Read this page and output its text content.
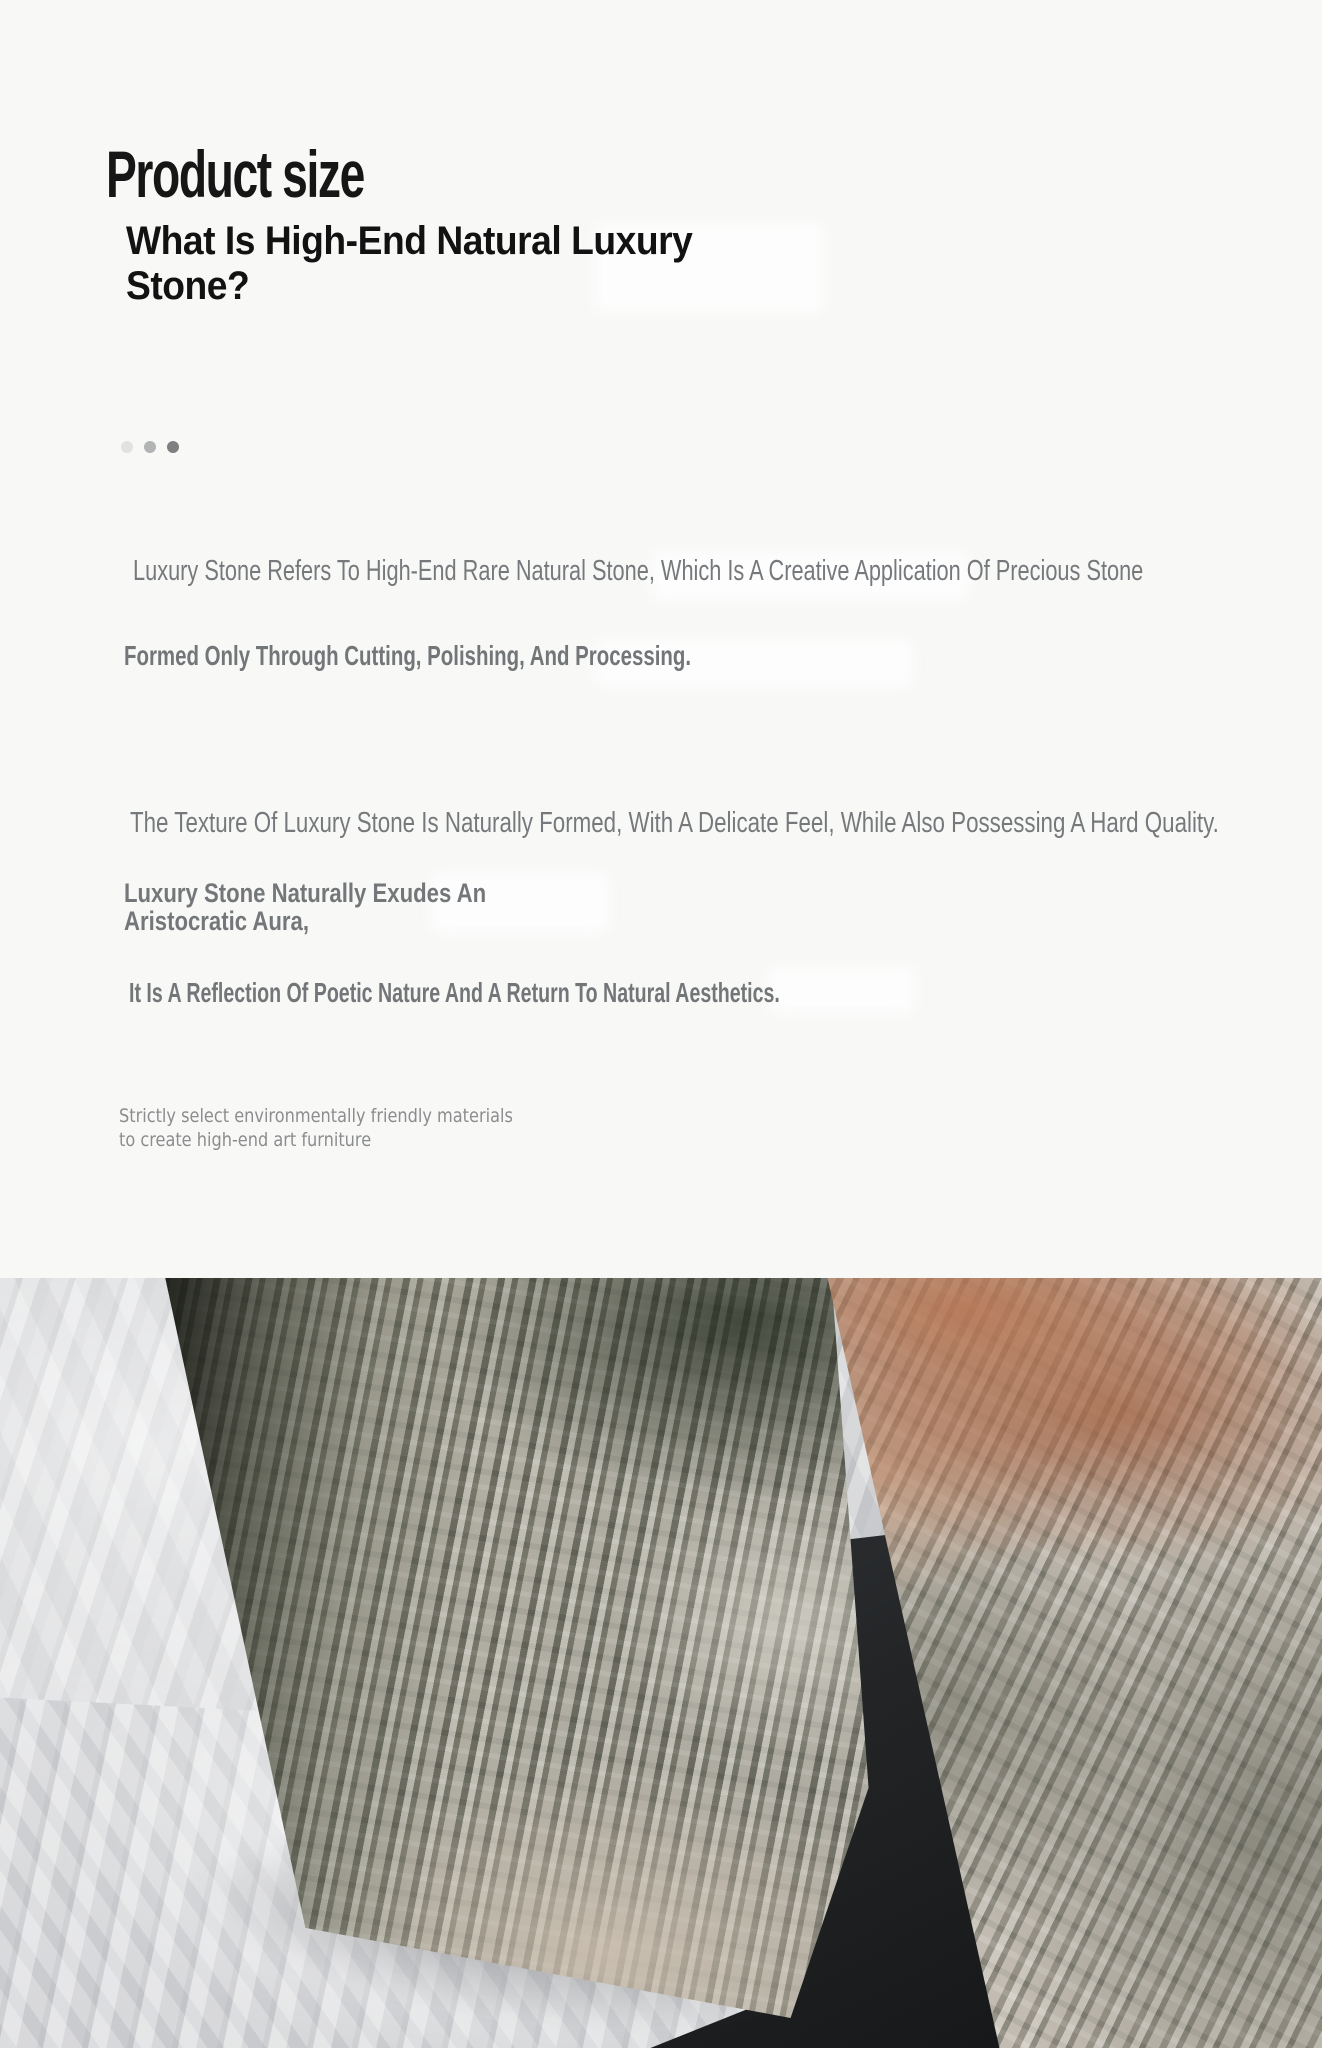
Product size
What Is High-End Natural Luxury Stone?
Luxury Stone Refers To High-End Rare Natural Stone, Which Is A Creative Application Of Precious Stone
Formed Only Through Cutting, Polishing, And Processing.
The Texture Of Luxury Stone Is Naturally Formed, With A Delicate Feel, While Also Possessing A Hard Quality.
Luxury Stone Naturally Exudes An
Aristocratic Aura,
It Is A Reflection Of Poetic Nature And A Return To Natural Aesthetics.
Strictly select environmentally friendly materials
to create high-end art furniture
